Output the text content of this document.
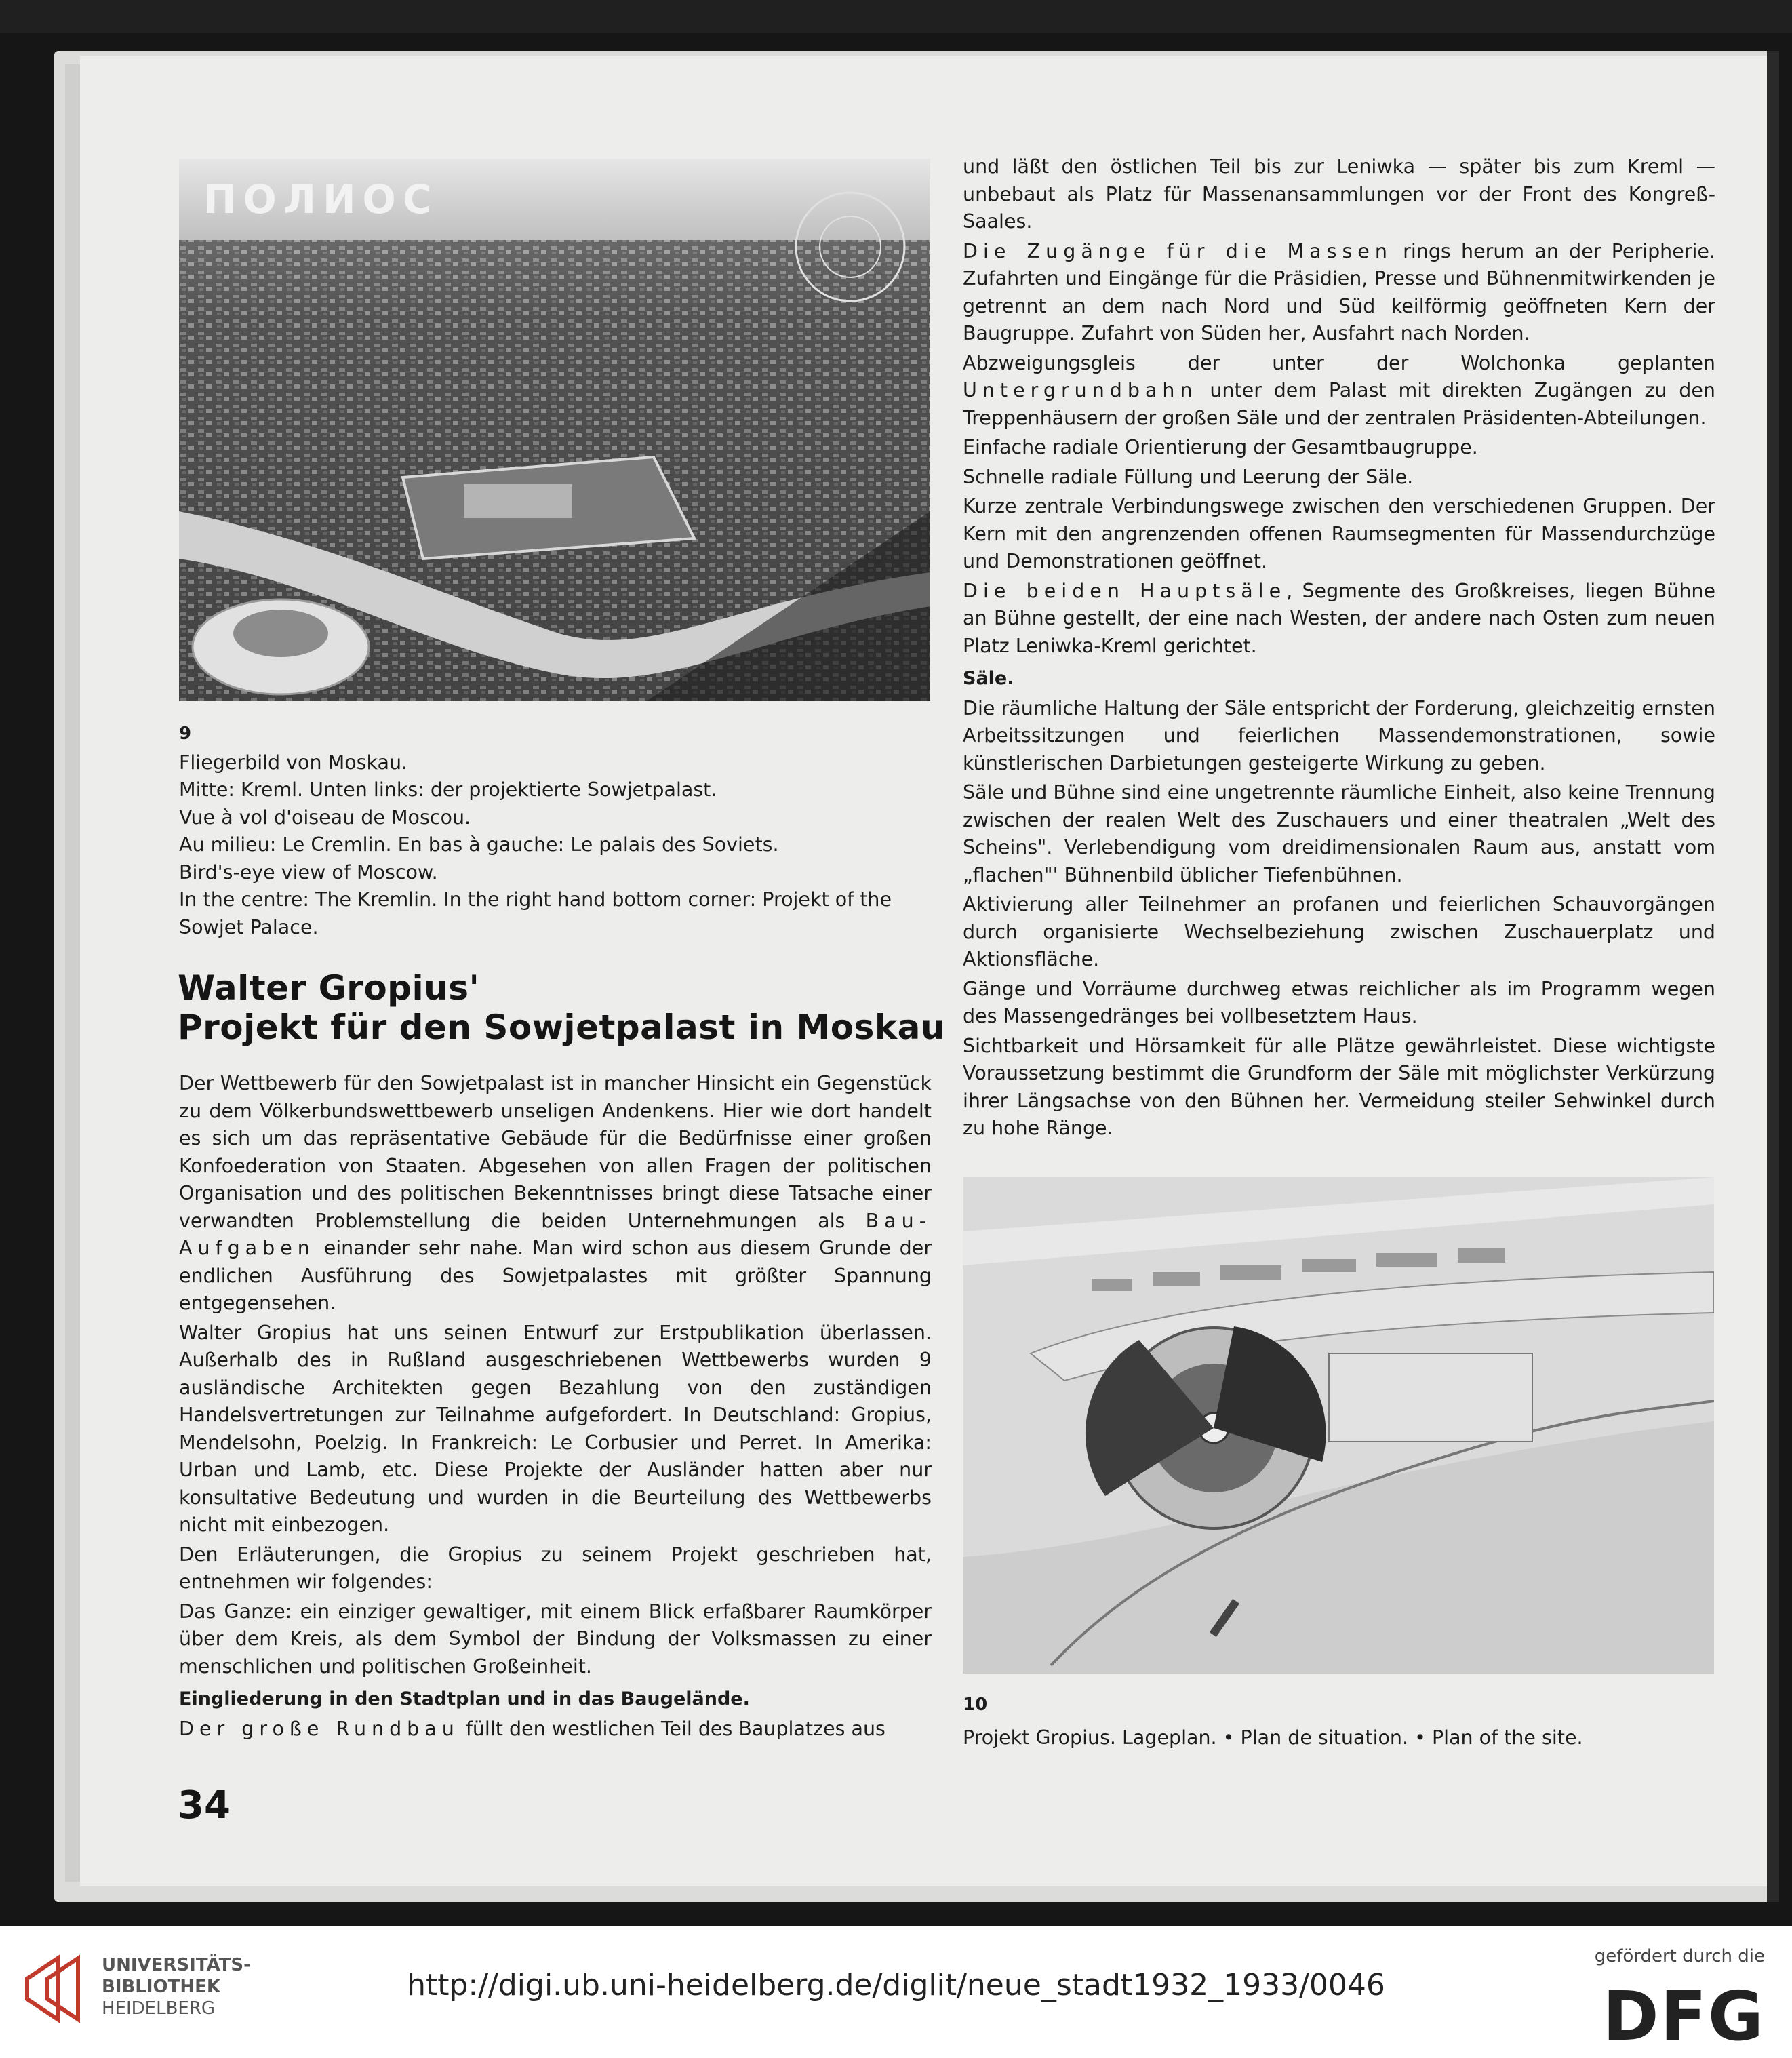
ПОЛИОС
9
Fliegerbild von Moskau.
Mitte: Kreml. Unten links: der projektierte Sowjetpalast.
Vue à vol d'oiseau de Moscou.
Au milieu: Le Cremlin. En bas à gauche: Le palais des Soviets.
Bird's-eye view of Moscow.
In the centre: The Kremlin. In the right hand bottom corner: Projekt of the Sowjet Palace.
Walter Gropius'
Projekt für den Sowjetpalast in Moskau

Der Wettbewerb für den Sowjetpalast ist in mancher Hinsicht ein Gegenstück zu dem Völkerbundswettbewerb unseligen Andenkens. Hier wie dort handelt es sich um das repräsentative Gebäude für die Bedürfnisse einer großen Konfoederation von Staaten. Abgesehen von allen Fragen der politischen Organisation und des politischen Bekenntnisses bringt diese Tatsache einer verwandten Problemstellung die beiden Unternehmungen als Bau-Aufgaben einander sehr nahe. Man wird schon aus diesem Grunde der endlichen Ausführung des Sowjetpalastes mit größter Spannung entgegensehen.

Walter Gropius hat uns seinen Entwurf zur Erstpublikation überlassen. Außerhalb des in Rußland ausgeschriebenen Wettbewerbs wurden 9 ausländische Architekten gegen Bezahlung von den zuständigen Handelsvertretungen zur Teilnahme aufgefordert. In Deutschland: Gropius, Mendelsohn, Poelzig. In Frankreich: Le Corbusier und Perret. In Amerika: Urban und Lamb, etc. Diese Projekte der Ausländer hatten aber nur konsultative Bedeutung und wurden in die Beurteilung des Wettbewerbs nicht mit einbezogen.

Den Erläuterungen, die Gropius zu seinem Projekt geschrieben hat, entnehmen wir folgendes:

Das Ganze: ein einziger gewaltiger, mit einem Blick erfaßbarer Raumkörper über dem Kreis, als dem Symbol der Bindung der Volksmassen zu einer menschlichen und politischen Großeinheit.

Eingliederung in den Stadtplan und in das Baugelände.

Der große Rundbau füllt den westlichen Teil des Bauplatzes aus

und läßt den östlichen Teil bis zur Leniwka — später bis zum Kreml — unbebaut als Platz für Massenansammlungen vor der Front des Kongreß-Saales.

Die Zugänge für die Massen rings herum an der Peripherie. Zufahrten und Eingänge für die Präsidien, Presse und Bühnenmitwirkenden je getrennt an dem nach Nord und Süd keilförmig geöffneten Kern der Baugruppe. Zufahrt von Süden her, Ausfahrt nach Norden.

Abzweigungsgleis der unter der Wolchonka geplanten Untergrundbahn unter dem Palast mit direkten Zugängen zu den Treppenhäusern der großen Säle und der zentralen Präsidenten-Abteilungen.

Einfache radiale Orientierung der Gesamtbaugruppe.

Schnelle radiale Füllung und Leerung der Säle.

Kurze zentrale Verbindungswege zwischen den verschiedenen Gruppen. Der Kern mit den angrenzenden offenen Raumsegmenten für Massendurchzüge und Demonstrationen geöffnet.

Die beiden Hauptsäle, Segmente des Großkreises, liegen Bühne an Bühne gestellt, der eine nach Westen, der andere nach Osten zum neuen Platz Leniwka-Kreml gerichtet.

Säle.

Die räumliche Haltung der Säle entspricht der Forderung, gleichzeitig ernsten Arbeitssitzungen und feierlichen Massendemonstrationen, sowie künstlerischen Darbietungen gesteigerte Wirkung zu geben.

Säle und Bühne sind eine ungetrennte räumliche Einheit, also keine Trennung zwischen der realen Welt des Zuschauers und einer theatralen „Welt des Scheins". Verlebendigung vom dreidimensionalen Raum aus, anstatt vom „flachen"' Bühnenbild üblicher Tiefenbühnen.

Aktivierung aller Teilnehmer an profanen und feierlichen Schauvorgängen durch organisierte Wechselbeziehung zwischen Zuschauerplatz und Aktionsfläche.

Gänge und Vorräume durchweg etwas reichlicher als im Programm wegen des Massengedränges bei vollbesetztem Haus.

Sichtbarkeit und Hörsamkeit für alle Plätze gewährleistet. Diese wichtigste Voraussetzung bestimmt die Grundform der Säle mit möglichster Verkürzung ihrer Längsachse von den Bühnen her. Vermeidung steiler Sehwinkel durch zu hohe Ränge.

10
Projekt Gropius. Lageplan. • Plan de situation. • Plan of the site.
34
UNIVERSITÄTS-
BIBLIOTHEK
HEIDELBERG
http://digi.ub.uni-heidelberg.de/diglit/neue_stadt1932_1933/0046
gefördert durch die
DFG
